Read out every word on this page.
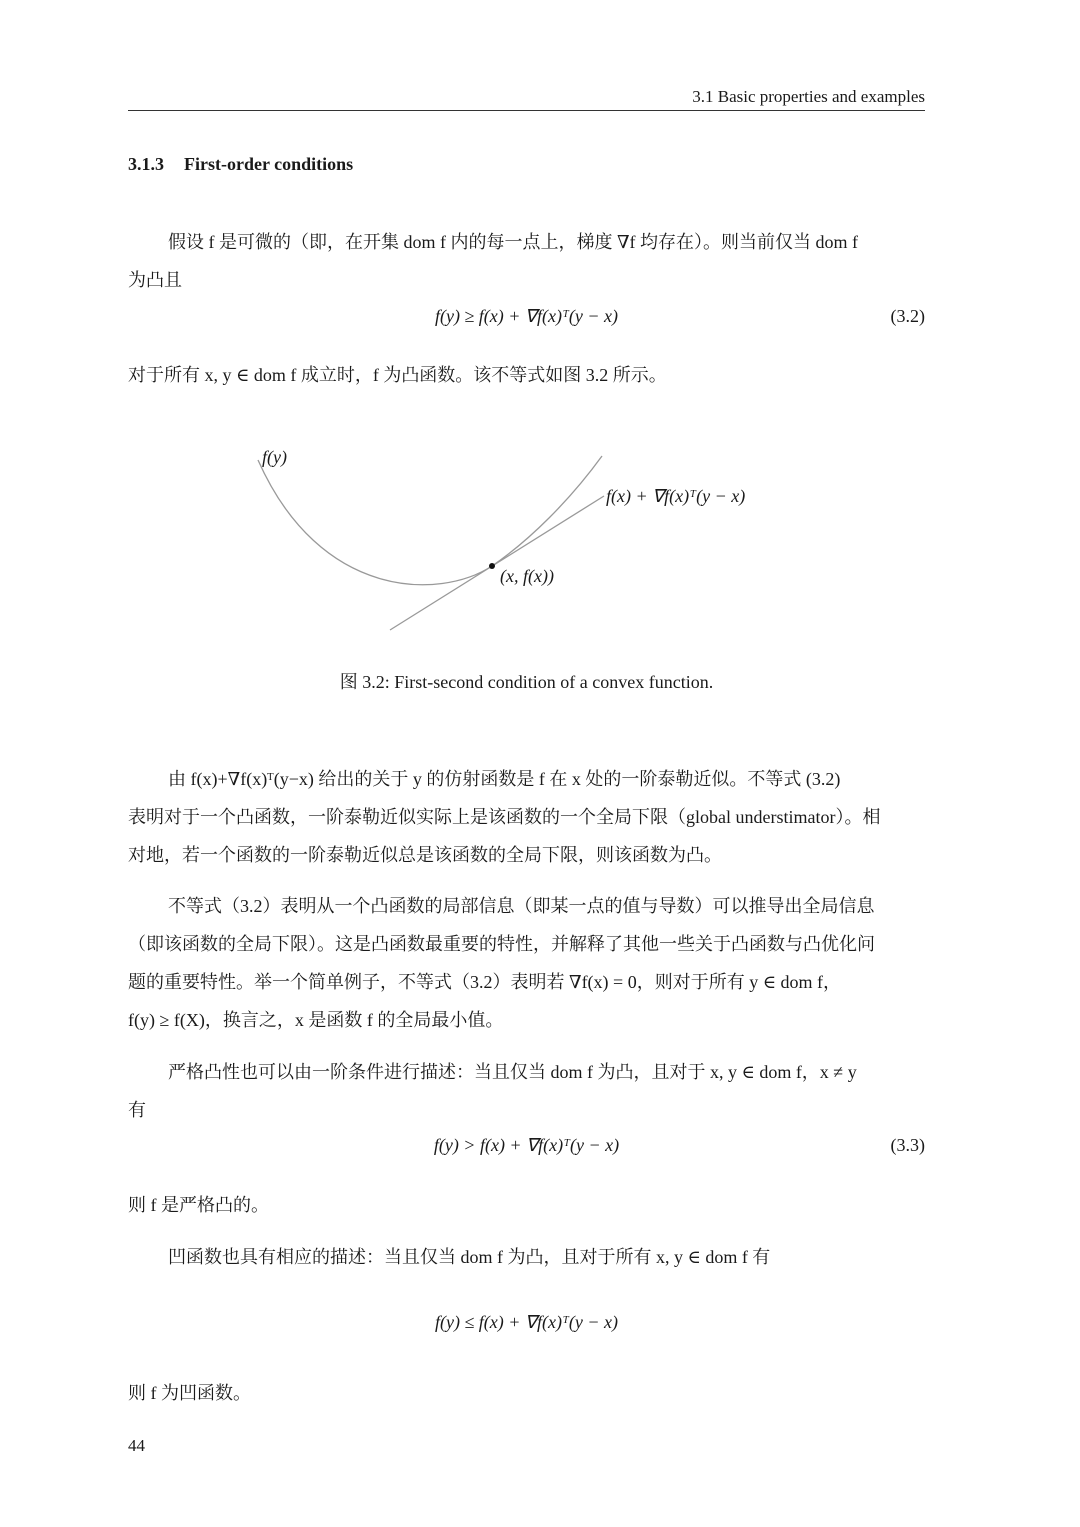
3.1 Basic properties and examples
3.1.3 First-order conditions

假设 f 是可微的（即，在开集 dom f 内的每一点上，梯度 ∇f 均存在）。则当前仅当 dom f

为凸且

f(y) ≥ f(x) + ∇f(x)ᵀ(y − x)	(3.2)

对于所有 x, y ∈ dom f 成立时，f 为凸函数。该不等式如图 3.2 所示。

f(y)
f(x) + ∇f(x)ᵀ(y − x)
(x, f(x))
图 3.2: First-second condition of a convex function.

由 f(x)+∇f(x)ᵀ(y−x) 给出的关于 y 的仿射函数是 f 在 x 处的一阶泰勒近似。不等式 (3.2)

表明对于一个凸函数，一阶泰勒近似实际上是该函数的一个全局下限（global understimator）。相

对地，若一个函数的一阶泰勒近似总是该函数的全局下限，则该函数为凸。

不等式（3.2）表明从一个凸函数的局部信息（即某一点的值与导数）可以推导出全局信息

（即该函数的全局下限）。这是凸函数最重要的特性，并解释了其他一些关于凸函数与凸优化问

题的重要特性。举一个简单例子，不等式（3.2）表明若 ∇f(x) = 0，则对于所有 y ∈ dom f，

f(y) ≥ f(X)，换言之，x 是函数 f 的全局最小值。

严格凸性也可以由一阶条件进行描述：当且仅当 dom f 为凸，且对于 x, y ∈ dom f，x ≠ y

有

f(y) > f(x) + ∇f(x)ᵀ(y − x)	(3.3)

则 f 是严格凸的。

凹函数也具有相应的描述：当且仅当 dom f 为凸，且对于所有 x, y ∈ dom f 有

f(y) ≤ f(x) + ∇f(x)ᵀ(y − x)

则 f 为凹函数。

44
